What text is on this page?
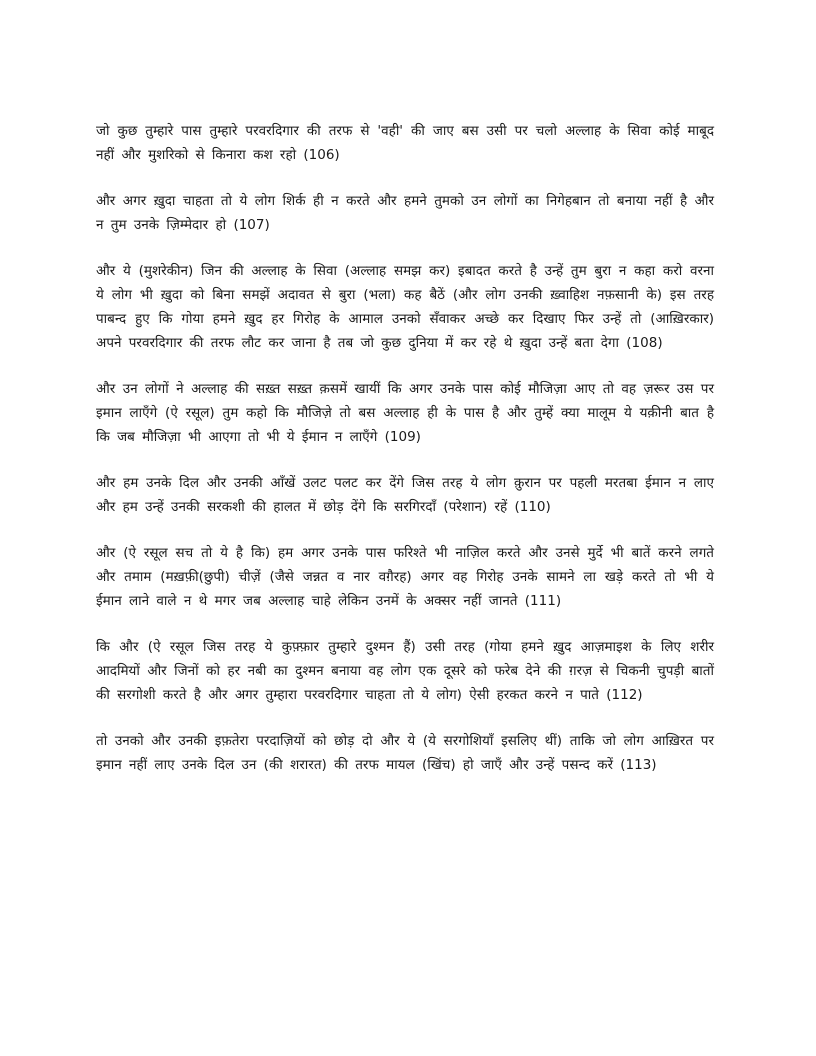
जो कुछ तुम्हारे पास तुम्हारे परवरदिगार की तरफ से 'वही' की जाए बस उसी पर चलो अल्लाह के सिवा कोई माबूद नहीं और मुशरिको से किनारा कश रहो (106)

और अगर ख़ुदा चाहता तो ये लोग शिर्क ही न करते और हमने तुमको उन लोगों का निगेहबान तो बनाया नहीं है और न तुम उनके ज़िम्मेदार हो (107)

और ये (मुशरेकीन) जिन की अल्लाह के सिवा (अल्लाह समझ कर) इबादत करते है उन्हें तुम बुरा न कहा करो वरना ये लोग भी ख़ुदा को बिना समझें अदावत से बुरा (भला) कह बैठें (और लोग उनकी ख़्वाहिश नफ़सानी के) इस तरह पाबन्द हुए कि गोया हमने ख़ुद हर गिरोह के आमाल उनको सँवाकर अच्छे कर दिखाए फिर उन्हें तो (आख़िरकार) अपने परवरदिगार की तरफ लौट कर जाना है तब जो कुछ दुनिया में कर रहे थे ख़ुदा उन्हें बता देगा (108)

और उन लोगों ने अल्लाह की सख़्त सख़्त क़समें खायीं कि अगर उनके पास कोई मौजिज़ा आए तो वह ज़रूर उस पर इमान लाएँगे (ऐ रसूल) तुम कहो कि मौजिज़े तो बस अल्लाह ही के पास है और तुम्हें क्या मालूम ये यक़ीनी बात है कि जब मौजिज़ा भी आएगा तो भी ये ईमान न लाएँगे (109)

और हम उनके दिल और उनकी आँखें उलट पलट कर देंगे जिस तरह ये लोग क़ुरान पर पहली मरतबा ईमान न लाए और हम उन्हें उनकी सरकशी की हालत में छोड़ देंगे कि सरगिरदाँ (परेशान) रहें (110)

और (ऐ रसूल सच तो ये है कि) हम अगर उनके पास फरिश्ते भी नाज़िल करते और उनसे मुर्दे भी बातें करने लगते और तमाम (मख़फ़ी(छुपी) चीज़ें (जैसे जन्नत व नार वग़ैरह) अगर वह गिरोह उनके सामने ला खड़े करते तो भी ये ईमान लाने वाले न थे मगर जब अल्लाह चाहे लेकिन उनमें के अक्सर नहीं जानते (111)

कि और (ऐ रसूल जिस तरह ये कुफ़्फ़ार तुम्हारे दुश्मन हैं) उसी तरह (गोया हमने ख़ुद आज़माइश के लिए शरीर आदमियों और जिनों को हर नबी का दुश्मन बनाया वह लोग एक दूसरे को फरेब देने की ग़रज़ से चिकनी चुपड़ी बातों की सरगोशी करते है और अगर तुम्हारा परवरदिगार चाहता तो ये लोग) ऐसी हरकत करने न पाते (112)

तो उनको और उनकी इफ़तेरा परदाज़ियों को छोड़ दो और ये (ये सरगोशियाँ इसलिए थीं) ताकि जो लोग आख़िरत पर इमान नहीं लाए उनके दिल उन (की शरारत) की तरफ मायल (खिंच) हो जाएँ और उन्हें पसन्द करें (113)
